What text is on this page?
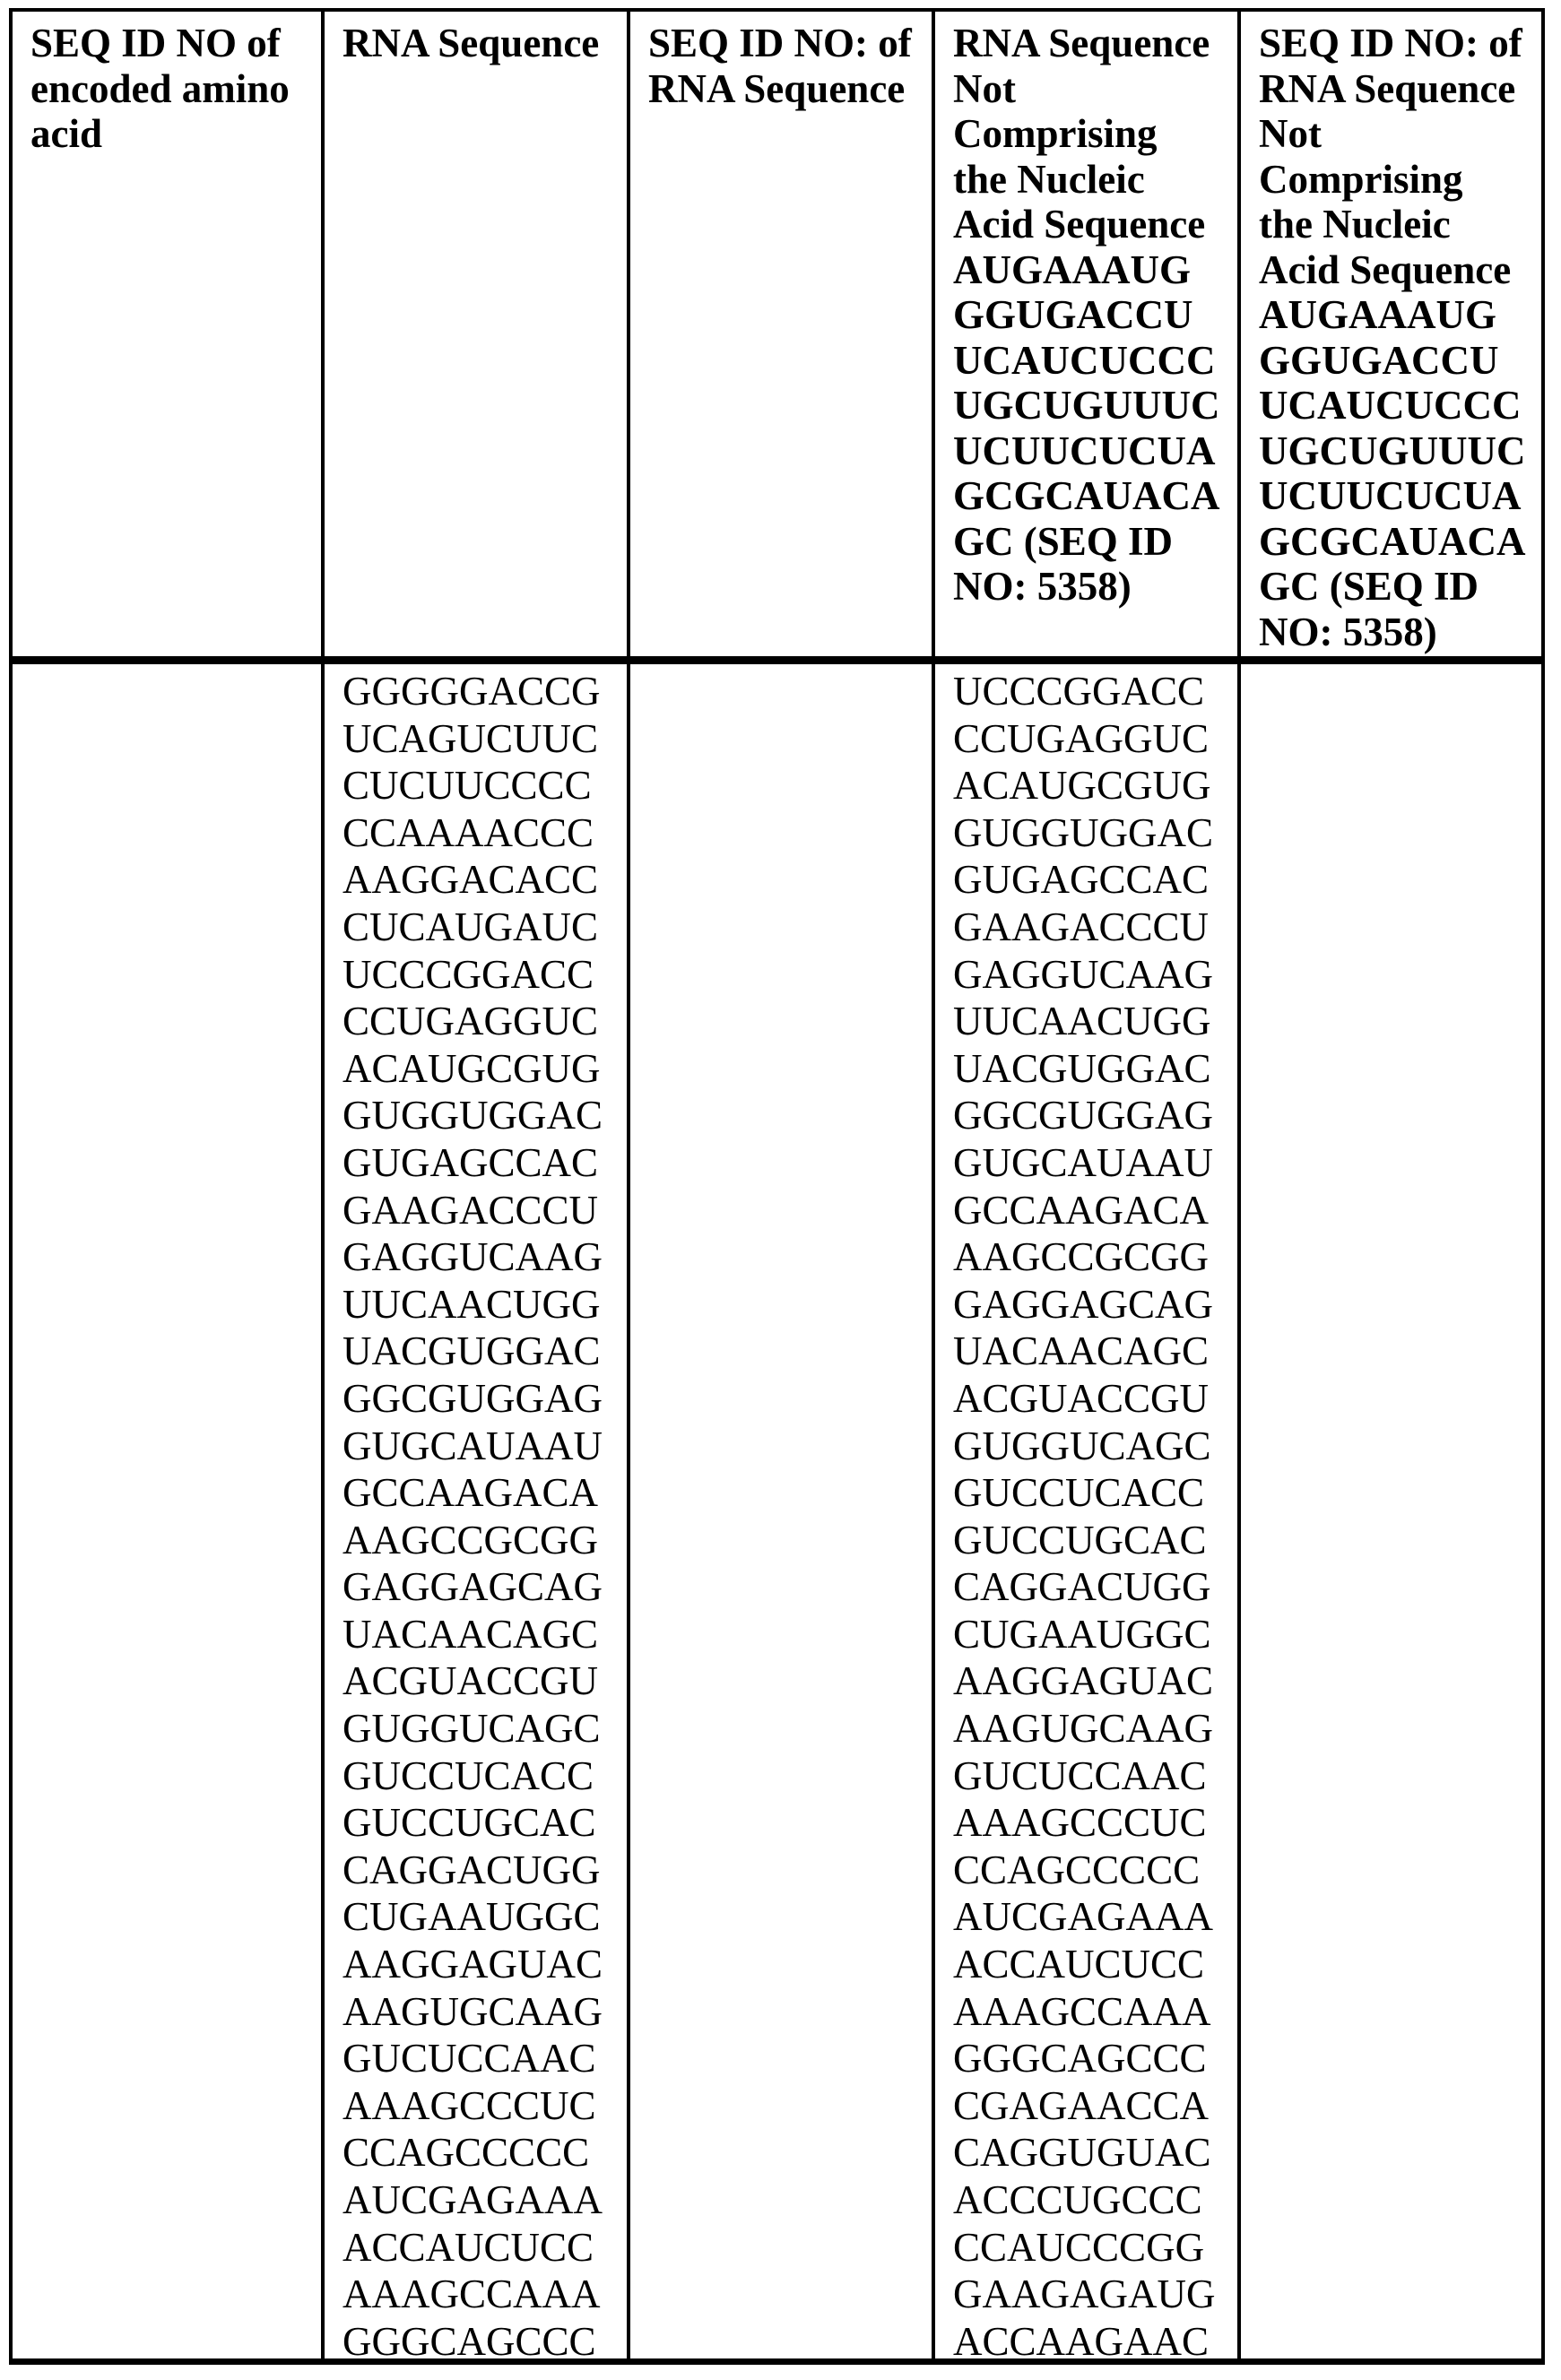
SEQ ID NO of
encoded amino
acid
RNA Sequence	SEQ ID NO: of
RNA Sequence
RNA Sequence
Not
Comprising
the Nucleic
Acid Sequence
AUGAAAUG
GGUGACCU
UCAUCUCCC
UGCUGUUUC
UCUUCUCUA
GCGCAUACA
GC (SEQ ID
NO: 5358)
SEQ ID NO: of
RNA Sequence
Not
Comprising
the Nucleic
Acid Sequence
AUGAAAUG
GGUGACCU
UCAUCUCCC
UGCUGUUUC
UCUUCUCUA
GCGCAUACA
GC (SEQ ID
NO: 5358)
GGGGGACCG
UCAGUCUUC
CUCUUCCCC
CCAAAACCC
AAGGACACC
CUCAUGAUC
UCCCGGACC
CCUGAGGUC
ACAUGCGUG
GUGGUGGAC
GUGAGCCAC
GAAGACCCU
GAGGUCAAG
UUCAACUGG
UACGUGGAC
GGCGUGGAG
GUGCAUAAU
GCCAAGACA
AAGCCGCGG
GAGGAGCAG
UACAACAGC
ACGUACCGU
GUGGUCAGC
GUCCUCACC
GUCCUGCAC
CAGGACUGG
CUGAAUGGC
AAGGAGUAC
AAGUGCAAG
GUCUCCAAC
AAAGCCCUC
CCAGCCCCC
AUCGAGAAA
ACCAUCUCC
AAAGCCAAA
GGGCAGCCC
UCCCGGACC
CCUGAGGUC
ACAUGCGUG
GUGGUGGAC
GUGAGCCAC
GAAGACCCU
GAGGUCAAG
UUCAACUGG
UACGUGGAC
GGCGUGGAG
GUGCAUAAU
GCCAAGACA
AAGCCGCGG
GAGGAGCAG
UACAACAGC
ACGUACCGU
GUGGUCAGC
GUCCUCACC
GUCCUGCAC
CAGGACUGG
CUGAAUGGC
AAGGAGUAC
AAGUGCAAG
GUCUCCAAC
AAAGCCCUC
CCAGCCCCC
AUCGAGAAA
ACCAUCUCC
AAAGCCAAA
GGGCAGCCC
CGAGAACCA
CAGGUGUAC
ACCCUGCCC
CCAUCCCGG
GAAGAGAUG
ACCAAGAAC
